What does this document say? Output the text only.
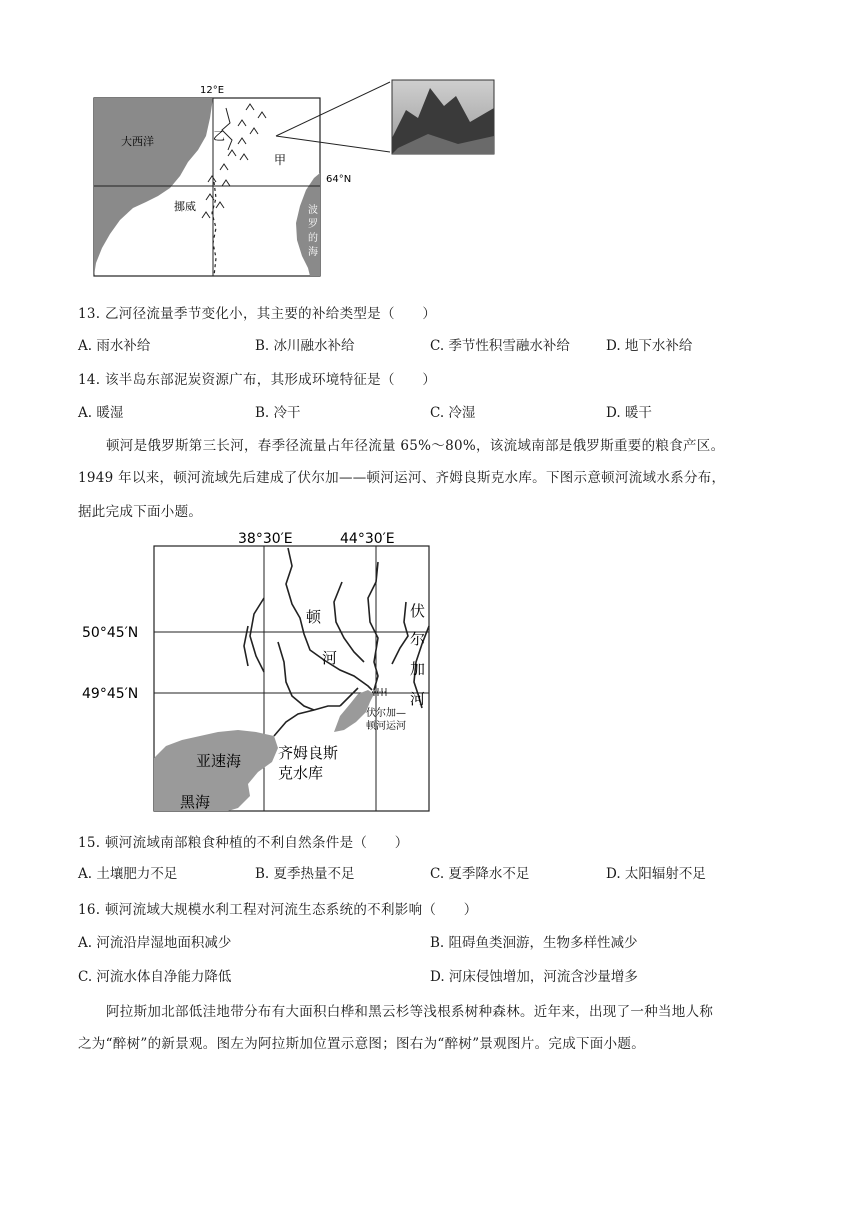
12°E
64°N
大西洋	乙
甲
挪威	波
罗
的
海
13. 乙河径流量季节变化小，其主要的补给类型是（　　）
A. 雨水补给	B. 冰川融水补给	C. 季节性积雪融水补给	D. 地下水补给
14. 该半岛东部泥炭资源广布，其形成环境特征是（　　）
A. 暖湿	B. 冷干	C. 冷湿	D. 暖干
顿河是俄罗斯第三长河，春季径流量占年径流量 65%～80%，该流域南部是俄罗斯重要的粮食产区。
1949 年以来，顿河流域先后建成了伏尔加——顿河运河、齐姆良斯克水库。下图示意顿河流域水系分布，
据此完成下面小题。
38°30′E	44°30′E
50°45′N
49°45′N
顿
河
伏
尔
加
河
伏尔加—
顿河运河
齐姆良斯
克水库
亚速海
黑海
15. 顿河流域南部粮食种植的不利自然条件是（　　）
A. 土壤肥力不足	B. 夏季热量不足	C. 夏季降水不足	D. 太阳辐射不足
16. 顿河流域大规模水利工程对河流生态系统的不利影响（　　）
A. 河流沿岸湿地面积减少	B. 阻碍鱼类洄游，生物多样性减少
C. 河流水体自净能力降低	D. 河床侵蚀增加，河流含沙量增多
阿拉斯加北部低洼地带分布有大面积白桦和黑云杉等浅根系树种森林。近年来，出现了一种当地人称
之为“醉树”的新景观。图左为阿拉斯加位置示意图；图右为“醉树”景观图片。完成下面小题。
